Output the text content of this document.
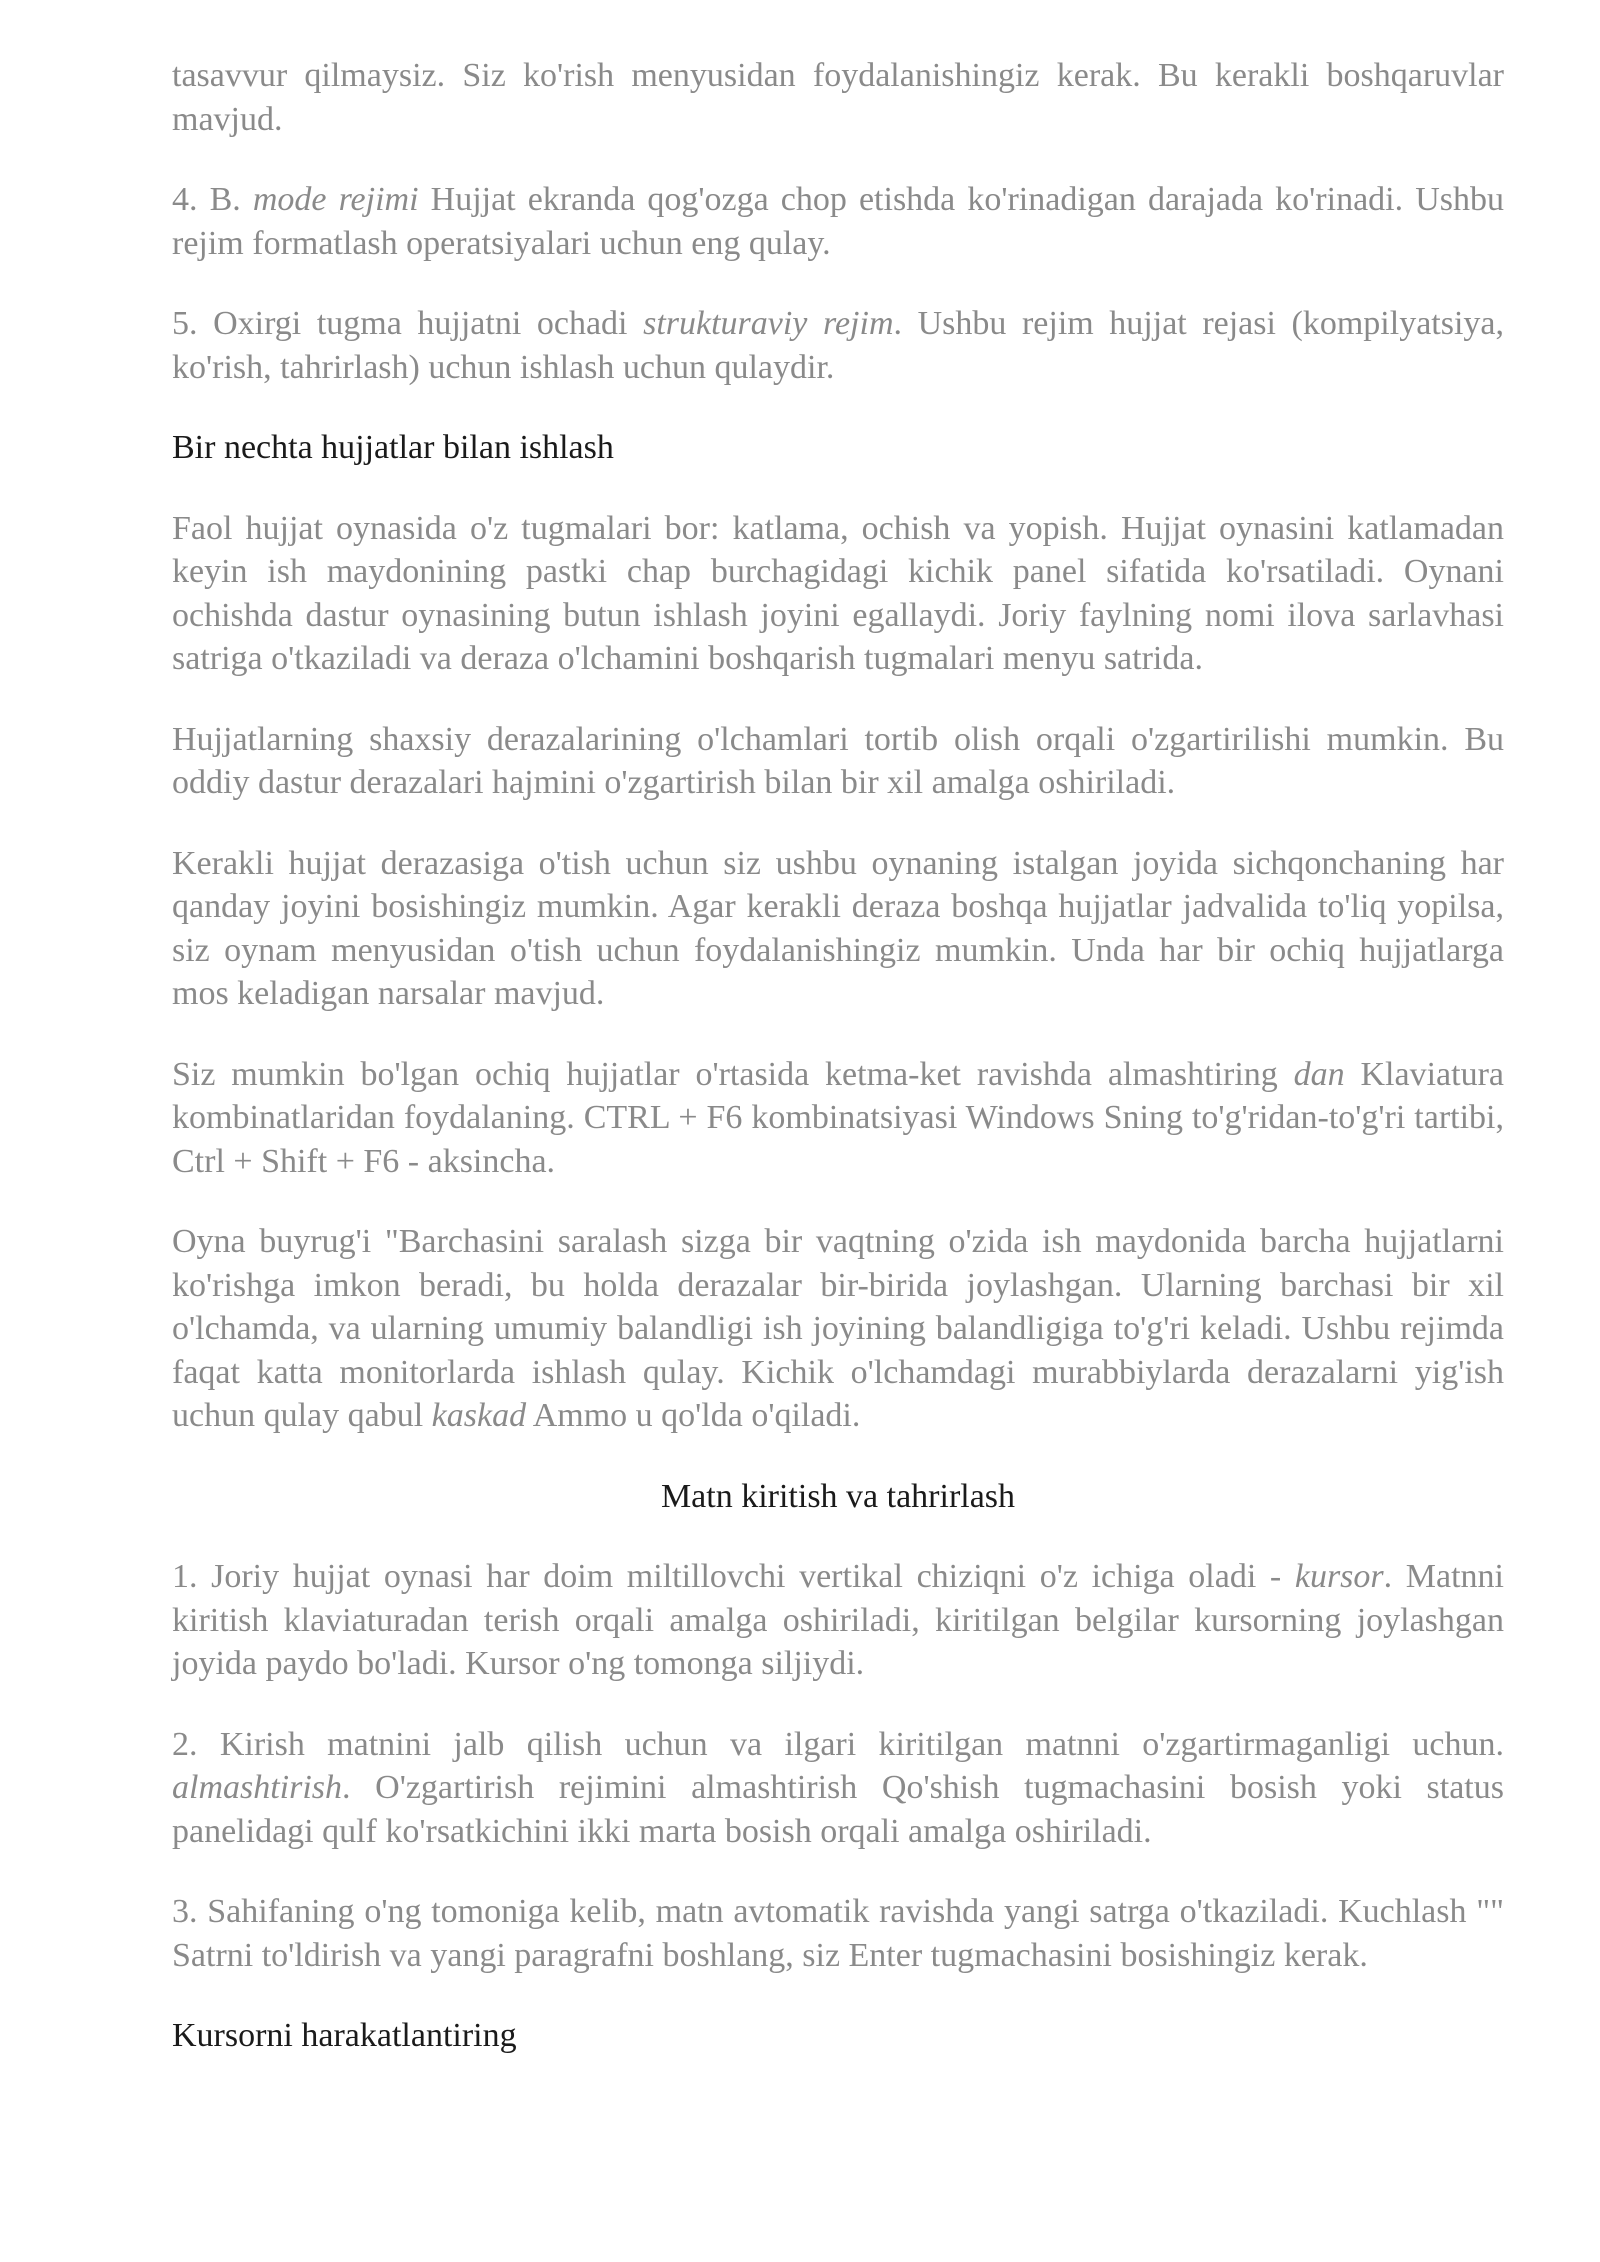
tasavvur qilmaysiz. Siz ko'rish menyusidan foydalanishingiz kerak. Bu kerakli boshqaruvlar mavjud.

4. B. mode rejimi Hujjat ekranda qog'ozga chop etishda ko'rinadigan darajada ko'rinadi. Ushbu rejim formatlash operatsiyalari uchun eng qulay.

5. Oxirgi tugma hujjatni ochadi strukturaviy rejim. Ushbu rejim hujjat rejasi (kompilyatsiya, ko'rish, tahrirlash) uchun ishlash uchun qulaydir.

Bir nechta hujjatlar bilan ishlash

Faol hujjat oynasida o'z tugmalari bor: katlama, ochish va yopish. Hujjat oynasini katlamadan keyin ish maydonining pastki chap burchagidagi kichik panel sifatida ko'rsatiladi. Oynani ochishda dastur oynasining butun ishlash joyini egallaydi. Joriy faylning nomi ilova sarlavhasi satriga o'tkaziladi va deraza o'lchamini boshqarish tugmalari menyu satrida.

Hujjatlarning shaxsiy derazalarining o'lchamlari tortib olish orqali o'zgartirilishi mumkin. Bu oddiy dastur derazalari hajmini o'zgartirish bilan bir xil amalga oshiriladi.

Kerakli hujjat derazasiga o'tish uchun siz ushbu oynaning istalgan joyida sichqonchaning har qanday joyini bosishingiz mumkin. Agar kerakli deraza boshqa hujjatlar jadvalida to'liq yopilsa, siz oynam menyusidan o'tish uchun foydalanishingiz mumkin. Unda har bir ochiq hujjatlarga mos keladigan narsalar mavjud.

Siz mumkin bo'lgan ochiq hujjatlar o'rtasida ketma-ket ravishda almashtiring dan Klaviatura kombinatlaridan foydalaning. CTRL + F6 kombinatsiyasi Windows Sning to'g'ridan-to'g'ri tartibi, Ctrl + Shift + F6 - aksincha.

Oyna buyrug'i "Barchasini saralash sizga bir vaqtning o'zida ish maydonida barcha hujjatlarni ko'rishga imkon beradi, bu holda derazalar bir-birida joylashgan. Ularning barchasi bir xil o'lchamda, va ularning umumiy balandligi ish joyining balandligiga to'g'ri keladi. Ushbu rejimda faqat katta monitorlarda ishlash qulay. Kichik o'lchamdagi murabbiylarda derazalarni yig'ish uchun qulay qabul kaskad Ammo u qo'lda o'qiladi.

Matn kiritish va tahrirlash

1. Joriy hujjat oynasi har doim miltillovchi vertikal chiziqni o'z ichiga oladi - kursor. Matnni kiritish klaviaturadan terish orqali amalga oshiriladi, kiritilgan belgilar kursorning joylashgan joyida paydo bo'ladi. Kursor o'ng tomonga siljiydi.

2. Kirish matnini jalb qilish uchun va ilgari kiritilgan matnni o'zgartirmaganligi uchun. almashtirish. O'zgartirish rejimini almashtirish Qo'shish tugmachasini bosish yoki status panelidagi qulf ko'rsatkichini ikki marta bosish orqali amalga oshiriladi.

3. Sahifaning o'ng tomoniga kelib, matn avtomatik ravishda yangi satrga o'tkaziladi. Kuchlash "" Satrni to'ldirish va yangi paragrafni boshlang, siz Enter tugmachasini bosishingiz kerak.

Kursorni harakatlantiring
